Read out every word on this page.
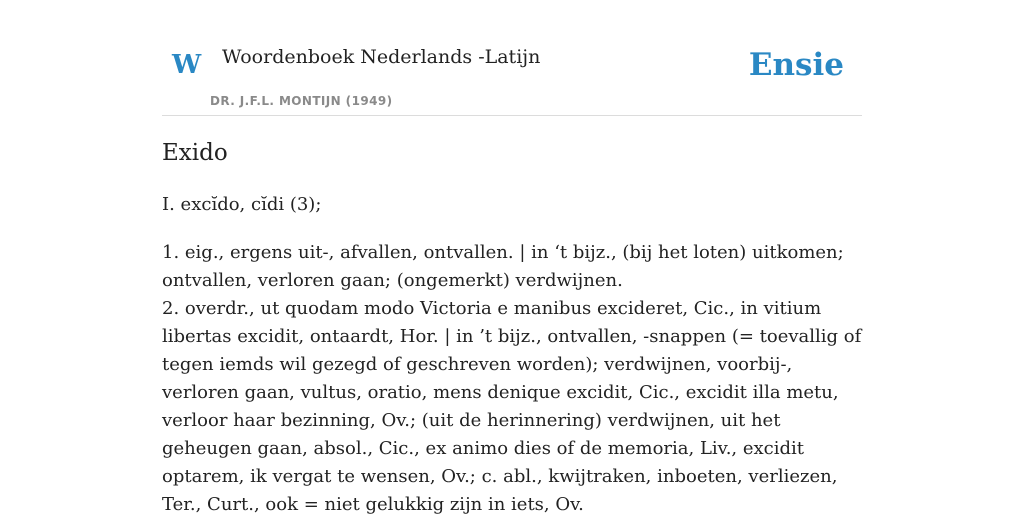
W Woordenboek Nederlands -Latijn
DR. J.F.L. MONTIJN (1949)
Ensie
Exido
I. excĭdo, cĭdi (3);

1. eig., ergens uit-, afvallen, ontvallen. | in ‘t bijz., (bij het loten) uitkomen; ontvallen, verloren gaan; (ongemerkt) verdwijnen.

2. overdr., ut quodam modo Victoria e manibus excideret, Cic., in vitium libertas excidit, ontaardt, Hor. | in ’t bijz., ontvallen, -snappen (= toevallig of tegen iemds wil gezegd of geschreven worden); verdwijnen, voorbij-, verloren gaan, vultus, oratio, mens denique excidit, Cic., excidit illa metu, verloor haar bezinning, Ov.; (uit de herinnering) verdwijnen, uit het geheugen gaan, absol., Cic., ex animo dies of de memoria, Liv., excidit optarem, ik vergat te wensen, Ov.; c. abl., kwijtraken, inboeten, verliezen, Ter., Curt., ook = niet gelukkig zijn in iets, Ov.
